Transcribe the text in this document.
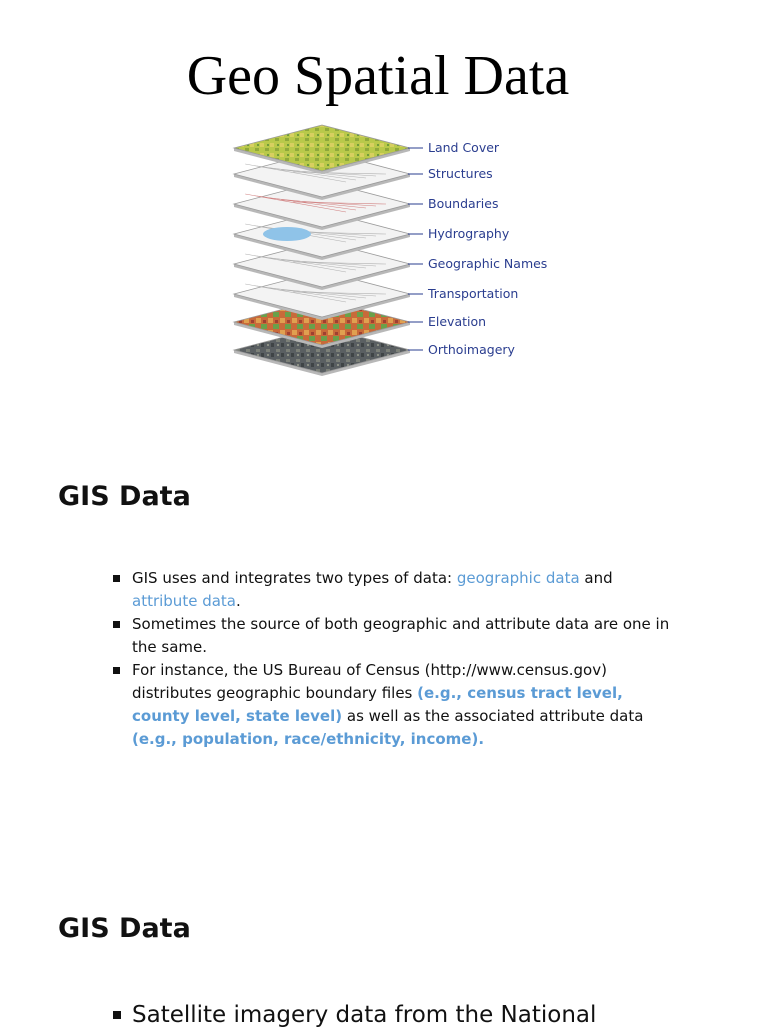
Geo Spatial Data
Land Cover
Structures
Boundaries
Hydrography
Geographic Names
Transportation
Elevation
Orthoimagery
GIS Data
GIS uses and integrates two types of data: geographic data and attribute data.
Sometimes the source of both geographic and attribute data are one in the same.
For instance, the US Bureau of Census (http://www.census.gov) distributes geographic boundary files (e.g., census tract level, county level, state level) as well as the associated attribute data (e.g., population, race/ethnicity, income).
GIS Data
Satellite imagery data from the National
